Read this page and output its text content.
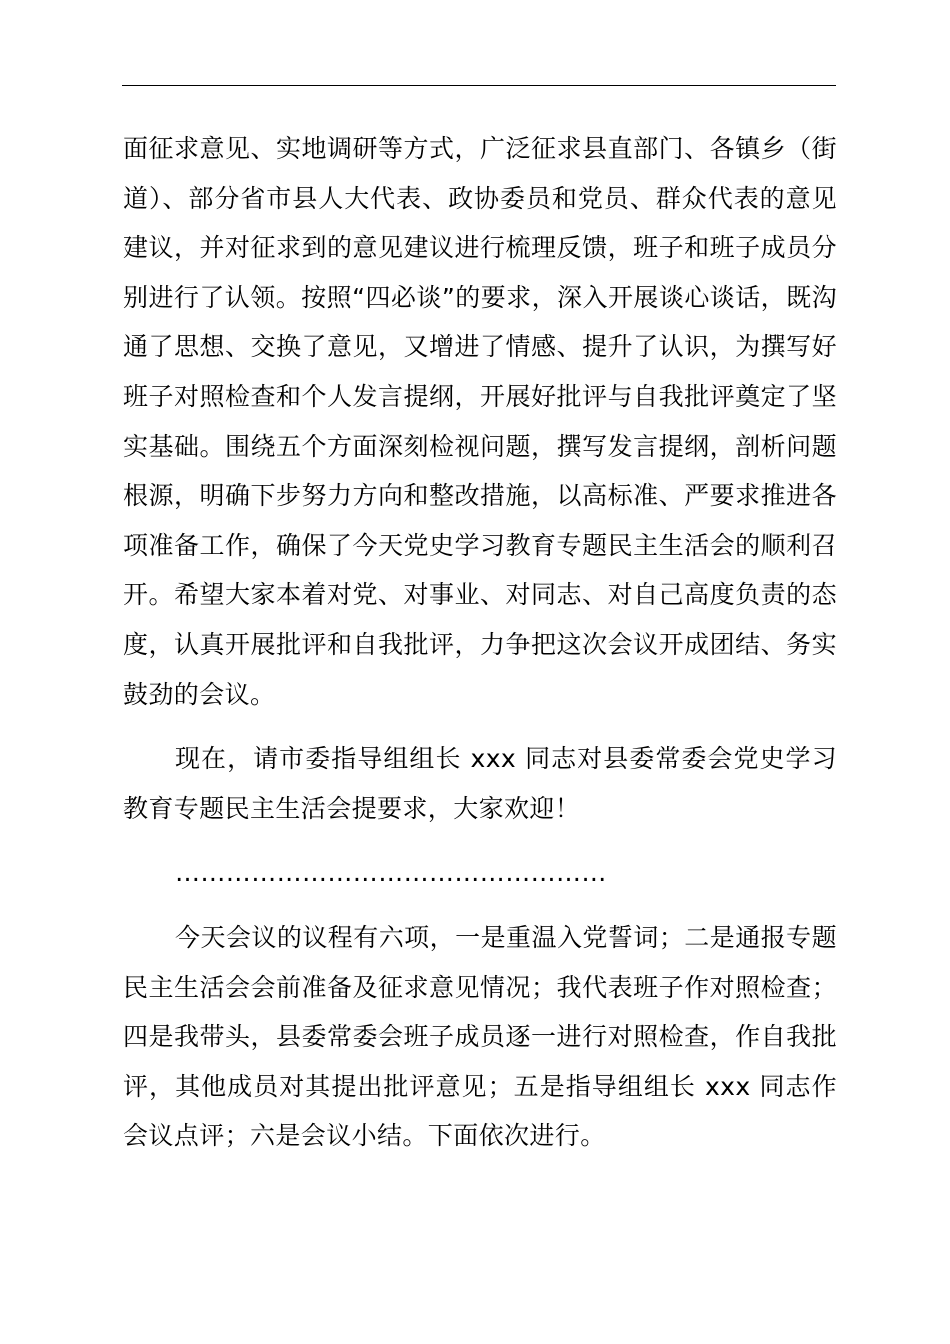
面征求意见、实地调研等方式，广泛征求县直部门、各镇乡（街道）、部分省市县人大代表、政协委员和党员、群众代表的意见建议，并对征求到的意见建议进行梳理反馈，班子和班子成员分别进行了认领。按照“四必谈”的要求，深入开展谈心谈话，既沟通了思想、交换了意见，又增进了情感、提升了认识，为撰写好班子对照检查和个人发言提纲，开展好批评与自我批评奠定了坚实基础。围绕五个方面深刻检视问题，撰写发言提纲，剖析问题根源，明确下步努力方向和整改措施，以高标准、严要求推进各项准备工作，确保了今天党史学习教育专题民主生活会的顺利召开。希望大家本着对党、对事业、对同志、对自己高度负责的态度，认真开展批评和自我批评，力争把这次会议开成团结、务实鼓劲的会议。

现在，请市委指导组组长 xxx 同志对县委常委会党史学习教育专题民主生活会提要求，大家欢迎！

……………………………………………

今天会议的议程有六项，一是重温入党誓词；二是通报专题民主生活会会前准备及征求意见情况；我代表班子作对照检查；四是我带头，县委常委会班子成员逐一进行对照检查，作自我批评，其他成员对其提出批评意见；五是指导组组长 xxx 同志作会议点评；六是会议小结。下面依次进行。
